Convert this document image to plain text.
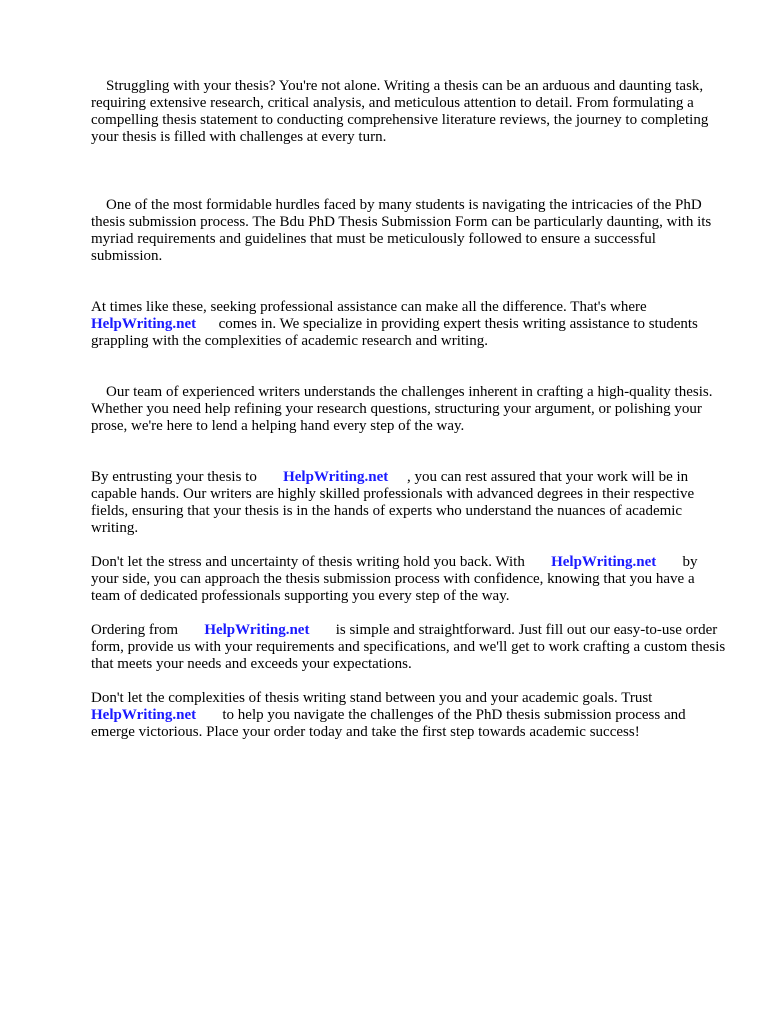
Struggling with your thesis? You're not alone. Writing a thesis can be an arduous and daunting task, requiring extensive research, critical analysis, and meticulous attention to detail. From formulating a compelling thesis statement to conducting comprehensive literature reviews, the journey to completing your thesis is filled with challenges at every turn.

One of the most formidable hurdles faced by many students is navigating the intricacies of the PhD thesis submission process. The Bdu PhD Thesis Submission Form can be particularly daunting, with its myriad requirements and guidelines that must be meticulously followed to ensure a successful submission.

At times like these, seeking professional assistance can make all the difference. That's where HelpWriting.net      comes in. We specialize in providing expert thesis writing assistance to students grappling with the complexities of academic research and writing.

Our team of experienced writers understands the challenges inherent in crafting a high-quality thesis. Whether you need help refining your research questions, structuring your argument, or polishing your prose, we're here to lend a helping hand every step of the way.

By entrusting your thesis to       HelpWriting.net     , you can rest assured that your work will be in capable hands. Our writers are highly skilled professionals with advanced degrees in their respective fields, ensuring that your thesis is in the hands of experts who understand the nuances of academic writing.

Don't let the stress and uncertainty of thesis writing hold you back. With       HelpWriting.net       by your side, you can approach the thesis submission process with confidence, knowing that you have a team of dedicated professionals supporting you every step of the way.

Ordering from       HelpWriting.net       is simple and straightforward. Just fill out our easy-to-use order form, provide us with your requirements and specifications, and we'll get to work crafting a custom thesis that meets your needs and exceeds your expectations.

Don't let the complexities of thesis writing stand between you and your academic goals. Trust HelpWriting.net       to help you navigate the challenges of the PhD thesis submission process and emerge victorious. Place your order today and take the first step towards academic success!
